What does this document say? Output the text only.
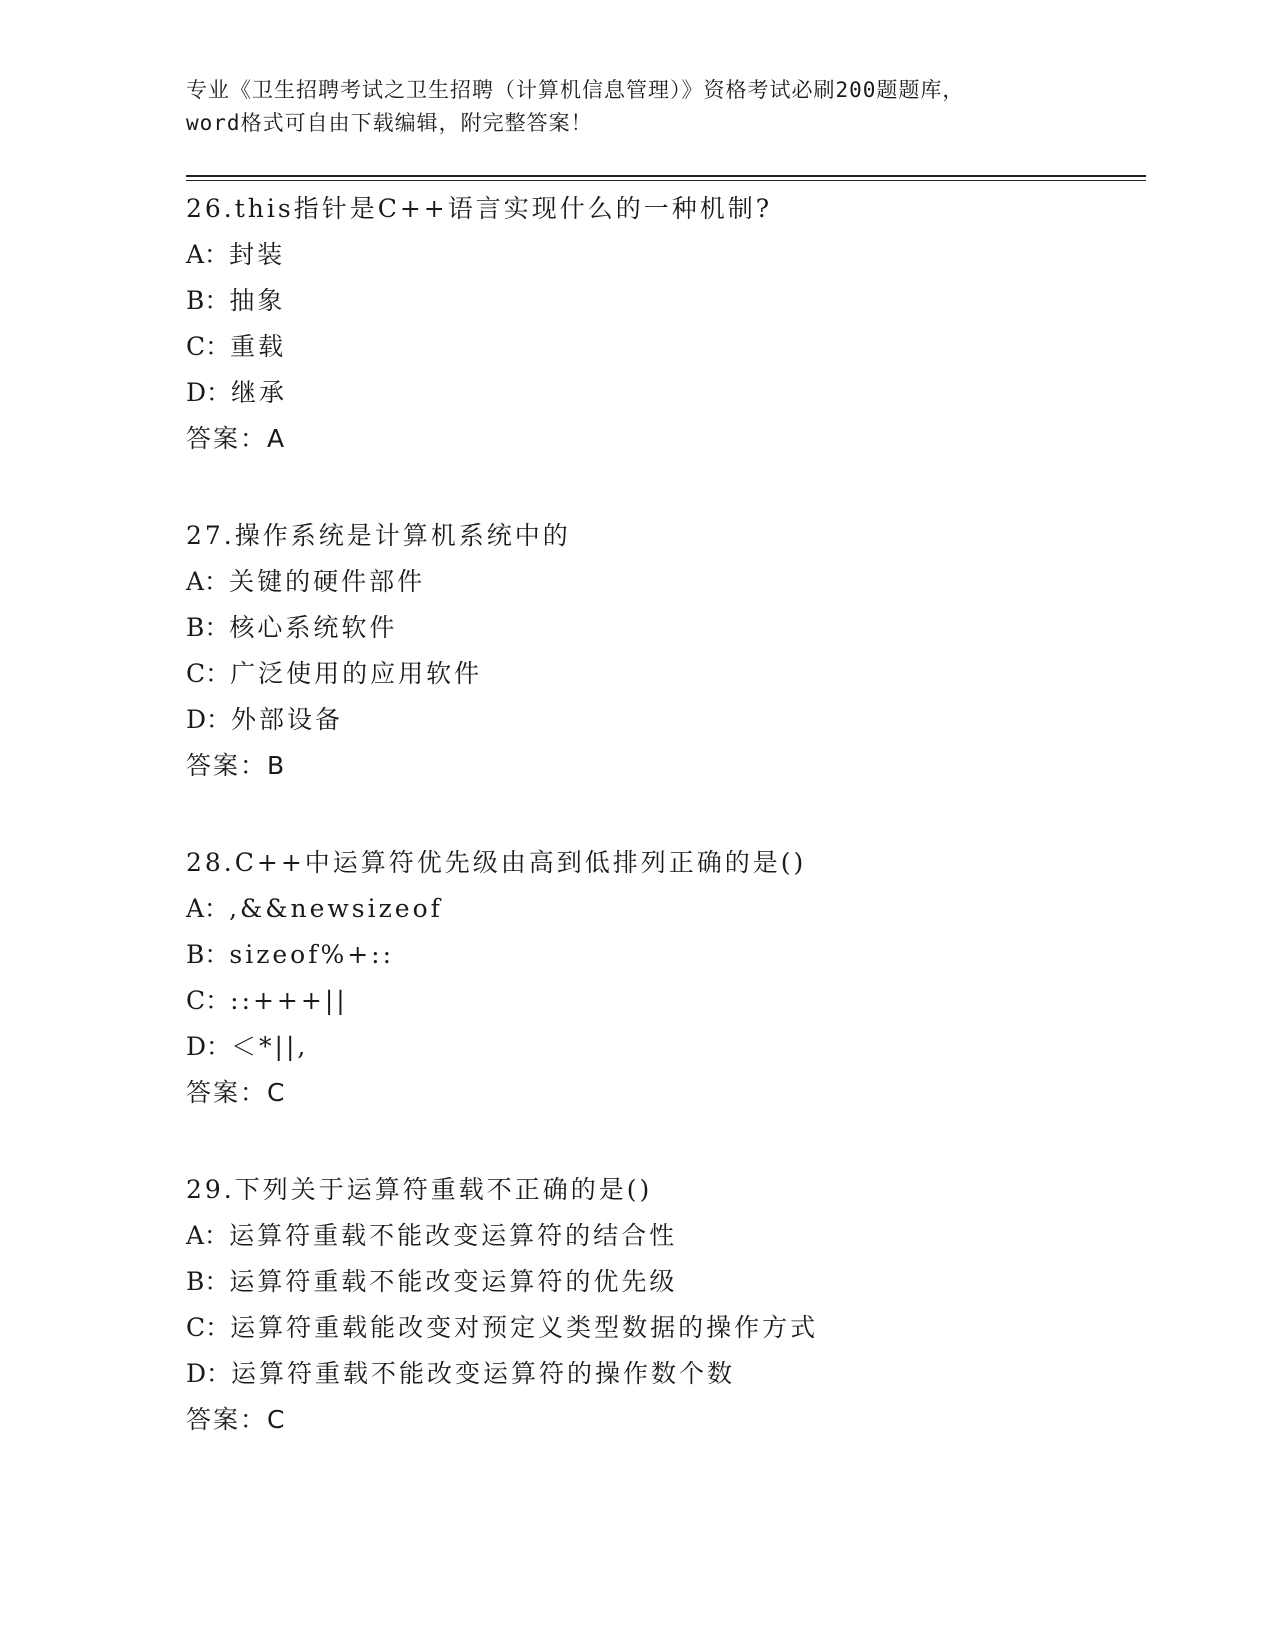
专业《卫生招聘考试之卫生招聘（计算机信息管理）》资格考试必刷200题题库，
word格式可自由下载编辑，附完整答案！
26.this指针是C++语言实现什么的一种机制?
A：封装
B：抽象
C：重载
D：继承
答案：A
27.操作系统是计算机系统中的
A：关键的硬件部件
B：核心系统软件
C：广泛使用的应用软件
D：外部设备
答案：B
28.C++中运算符优先级由高到低排列正确的是()
A：,&&newsizeof
B：sizeof%+::
C：::+++||
D：＜*||,
答案：C
29.下列关于运算符重载不正确的是()
A：运算符重载不能改变运算符的结合性
B：运算符重载不能改变运算符的优先级
C：运算符重载能改变对预定义类型数据的操作方式
D：运算符重载不能改变运算符的操作数个数
答案：C
